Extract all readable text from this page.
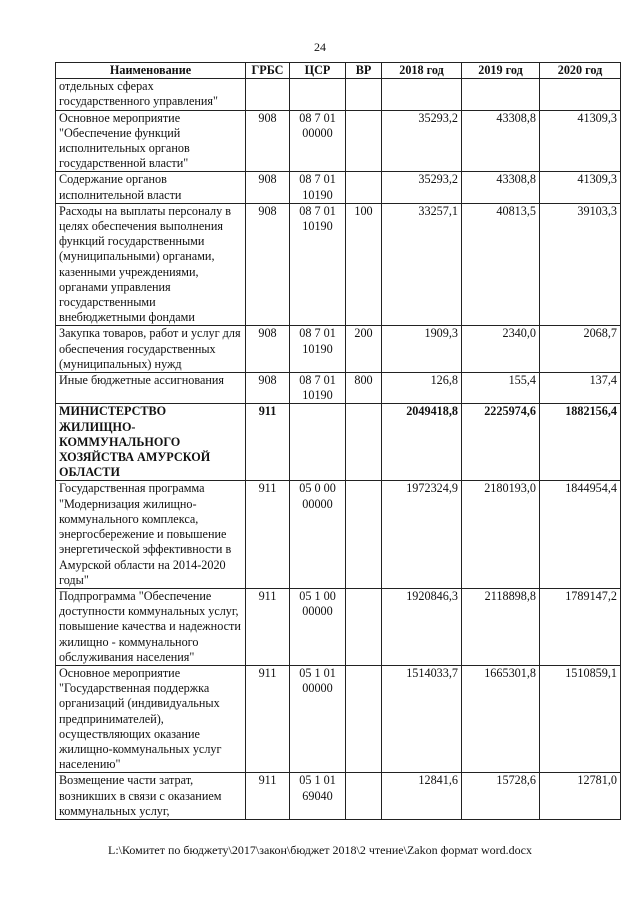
24
Наименование	ГРБС	ЦСР	ВР	2018 год	2019 год	2020 год
отдельных сферах государственного управления"						
Основное мероприятие "Обеспечение функций исполнительных органов государственной власти"	908	08 7 01 00000		35293,2	43308,8	41309,3
Содержание органов исполнительной власти	908	08 7 01 10190		35293,2	43308,8	41309,3
Расходы на выплаты персоналу в целях обеспечения выполнения функций государственными (муниципальными) органами, казенными учреждениями, органами управления государственными внебюджетными фондами	908	08 7 01 10190	100	33257,1	40813,5	39103,3
Закупка товаров, работ и услуг для обеспечения государственных (муниципальных) нужд	908	08 7 01 10190	200	1909,3	2340,0	2068,7
Иные бюджетные ассигнования	908	08 7 01 10190	800	126,8	155,4	137,4
МИНИСТЕРСТВО ЖИЛИЩНО-КОММУНАЛЬНОГО ХОЗЯЙСТВА АМУРСКОЙ ОБЛАСТИ	911			2049418,8	2225974,6	1882156,4
Государственная программа "Модернизация жилищно-коммунального комплекса, энергосбережение и повышение энергетической эффективности в Амурской области на 2014-2020 годы"	911	05 0 00 00000		1972324,9	2180193,0	1844954,4
Подпрограмма "Обеспечение доступности коммунальных услуг, повышение качества и надежности жилищно - коммунального обслуживания населения"	911	05 1 00 00000		1920846,3	2118898,8	1789147,2
Основное мероприятие "Государственная поддержка организаций (индивидуальных предпринимателей), осуществляющих оказание жилищно-коммунальных услуг населению"	911	05 1 01 00000		1514033,7	1665301,8	1510859,1
Возмещение части затрат, возникших в связи с оказанием коммунальных услуг,	911	05 1 01 69040		12841,6	15728,6	12781,0
L:\Комитет по бюджету\2017\закон\бюджет 2018\2 чтение\Zakon формат word.docx
